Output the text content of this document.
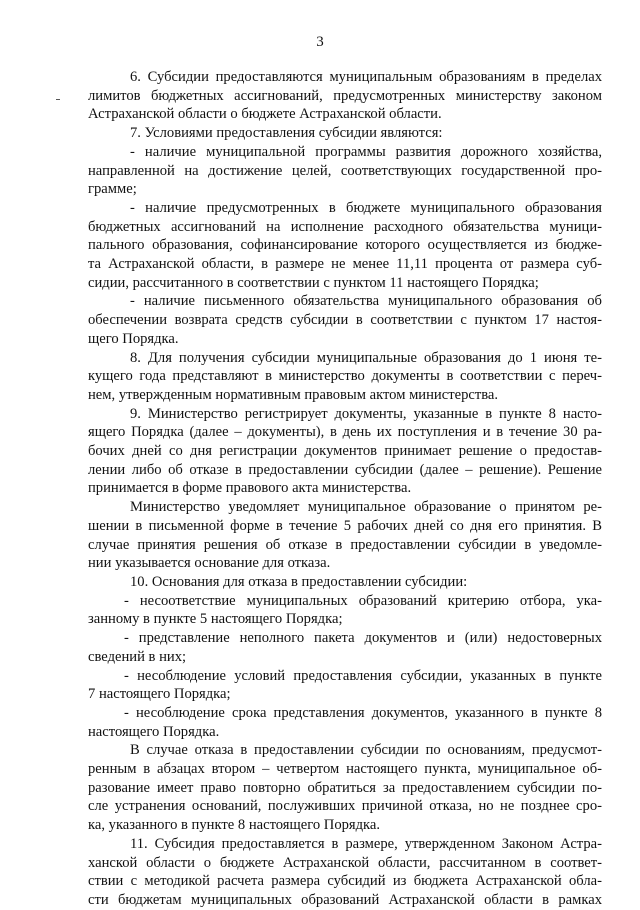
3
6. Субсидии предоставляются муниципальным образованиям в пределах
лимитов бюджетных ассигнований, предусмотренных министерству законом
Астраханской области о бюджете Астраханской области.
7. Условиями предоставления субсидии являются:
- наличие муниципальной программы развития дорожного хозяйства,
направленной на достижение целей, соответствующих государственной про-
грамме;
- наличие предусмотренных в бюджете муниципального образования
бюджетных ассигнований на исполнение расходного обязательства муници-
пального образования, софинансирование которого осуществляется из бюдже-
та Астраханской области, в размере не менее 11,11 процента от размера суб-
сидии, рассчитанного в соответствии с пунктом 11 настоящего Порядка;
- наличие письменного обязательства муниципального образования об
обеспечении возврата средств субсидии в соответствии с пунктом 17 настоя-
щего Порядка.
8. Для получения субсидии муниципальные образования до 1 июня те-
кущего года представляют в министерство документы в соответствии с переч-
нем, утвержденным нормативным правовым актом министерства.
9. Министерство регистрирует документы, указанные в пункте 8 насто-
ящего Порядка (далее – документы), в день их поступления и в течение 30 ра-
бочих дней со дня регистрации документов принимает решение о предостав-
лении либо об отказе в предоставлении субсидии (далее – решение). Решение
принимается в форме правового акта министерства.
Министерство уведомляет муниципальное образование о принятом ре-
шении в письменной форме в течение 5 рабочих дней со дня его принятия. В
случае принятия решения об отказе в предоставлении субсидии в уведомле-
нии указывается основание для отказа.
10. Основания для отказа в предоставлении субсидии:
- несоответствие муниципальных образований критерию отбора, ука-
занному в пункте 5 настоящего Порядка;
- представление неполного пакета документов и (или) недостоверных
сведений в них;
- несоблюдение условий предоставления субсидии, указанных в пункте
7 настоящего Порядка;
- несоблюдение срока представления документов, указанного в пункте 8
настоящего Порядка.
В случае отказа в предоставлении субсидии по основаниям, предусмот-
ренным в абзацах втором – четвертом настоящего пункта, муниципальное об-
разование имеет право повторно обратиться за предоставлением субсидии по-
сле устранения оснований, послуживших причиной отказа, но не позднее сро-
ка, указанного в пункте 8 настоящего Порядка.
11. Субсидия предоставляется в размере, утвержденном Законом Астра-
ханской области о бюджете Астраханской области, рассчитанном в соответ-
ствии с методикой расчета размера субсидий из бюджета Астраханской обла-
сти бюджетам муниципальных образований Астраханской области в рамках
